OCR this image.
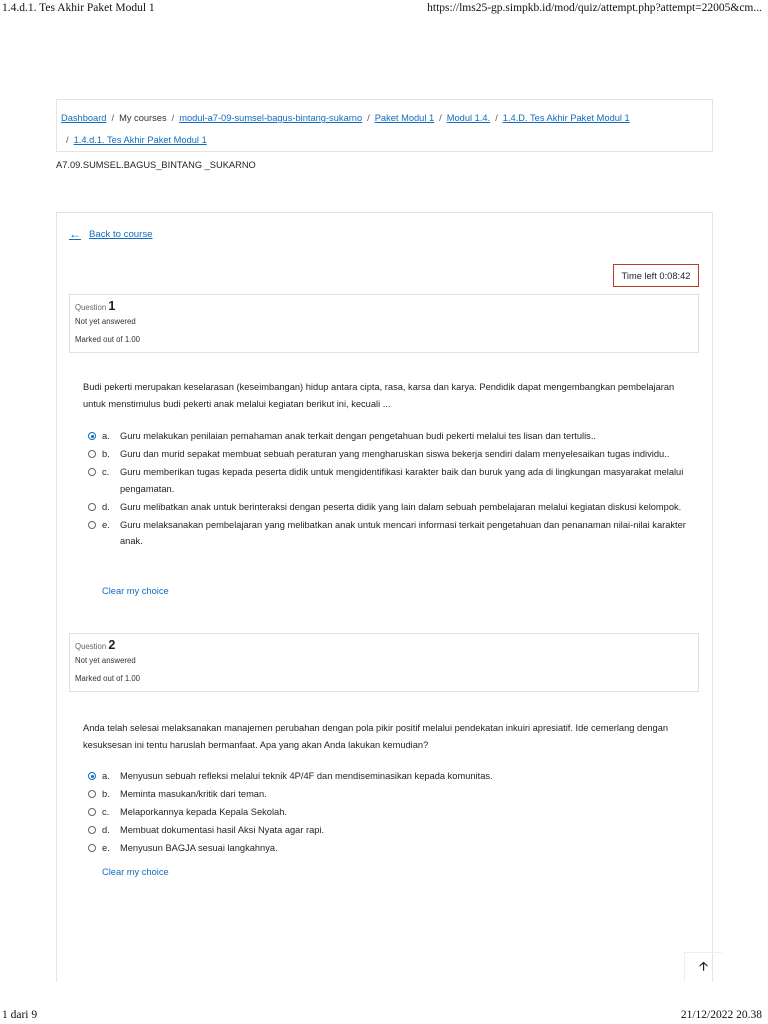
1.4.d.1. Tes Akhir Paket Modul 1	https://lms25-gp.simpkb.id/mod/quiz/attempt.php?attempt=22005&cm...
Dashboard / My courses / modul-a7-09-sumsel-bagus-bintang-sukarno / Paket Modul 1 / Modul 1.4. / 1.4.D. Tes Akhir Paket Modul 1
/ 1.4.d.1. Tes Akhir Paket Modul 1
A7.09.SUMSEL.BAGUS_BINTANG _SUKARNO
← Back to course
Time left 0:08:42
Question 1
Not yet answered
Marked out of 1.00
Budi pekerti merupakan keselarasan (keseimbangan) hidup antara cipta, rasa, karsa dan karya. Pendidik dapat mengembangkan pembelajaran untuk menstimulus budi pekerti anak melalui kegiatan berikut ini, kecuali ...
a.	Guru melakukan penilaian pemahaman anak terkait dengan pengetahuan budi pekerti melalui tes lisan dan tertulis..
b.	Guru dan murid sepakat membuat sebuah peraturan yang mengharuskan siswa bekerja sendiri dalam menyelesaikan tugas individu..
c.	Guru memberikan tugas kepada peserta didik untuk mengidentifikasi karakter baik dan buruk yang ada di lingkungan masyarakat melalui pengamatan.
d.	Guru melibatkan anak untuk berinteraksi dengan peserta didik yang lain dalam sebuah pembelajaran melalui kegiatan diskusi kelompok.
e.	Guru melaksanakan pembelajaran yang melibatkan anak untuk mencari informasi terkait pengetahuan dan penanaman nilai-nilai karakter anak.
Clear my choice
Question 2
Not yet answered
Marked out of 1.00
Anda telah selesai melaksanakan manajemen perubahan dengan pola pikir positif melalui pendekatan inkuiri apresiatif. Ide cemerlang dengan kesuksesan ini tentu haruslah bermanfaat. Apa yang akan Anda lakukan kemudian?
a.	Menyusun sebuah refleksi melalui teknik 4P/4F dan mendiseminasikan kepada komunitas.
b.	Meminta masukan/kritik dari teman.
c.	Melaporkannya kepada Kepala Sekolah.
d.	Membuat dokumentasi hasil Aksi Nyata agar rapi.
e.	Menyusun BAGJA sesuai langkahnya.
Clear my choice
🡡
1 dari 9	21/12/2022 20.38
